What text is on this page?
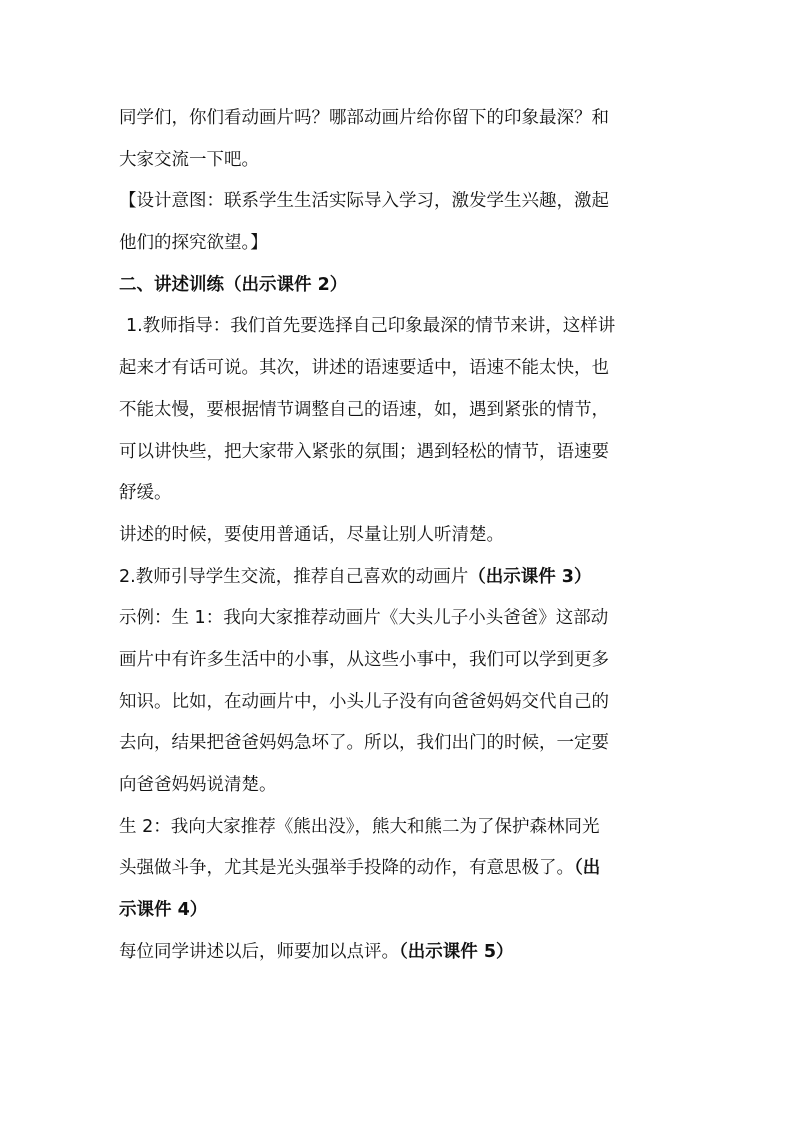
同学们，你们看动画片吗？哪部动画片给你留下的印象最深？和
大家交流一下吧。
【设计意图：联系学生生活实际导入学习，激发学生兴趣，激起
他们的探究欲望。】
二、讲述训练（出示课件 2）
1.教师指导：我们首先要选择自己印象最深的情节来讲，这样讲
起来才有话可说。其次，讲述的语速要适中，语速不能太快，也
不能太慢，要根据情节调整自己的语速，如，遇到紧张的情节，
可以讲快些，把大家带入紧张的氛围；遇到轻松的情节，语速要
舒缓。
讲述的时候，要使用普通话，尽量让别人听清楚。
2.教师引导学生交流，推荐自己喜欢的动画片（出示课件 3）
示例：生 1：我向大家推荐动画片《大头儿子小头爸爸》这部动
画片中有许多生活中的小事，从这些小事中，我们可以学到更多
知识。比如，在动画片中，小头儿子没有向爸爸妈妈交代自己的
去向，结果把爸爸妈妈急坏了。所以，我们出门的时候，一定要
向爸爸妈妈说清楚。
生 2：我向大家推荐《熊出没》，熊大和熊二为了保护森林同光
头强做斗争，尤其是光头强举手投降的动作，有意思极了。（出
示课件 4）
每位同学讲述以后，师要加以点评。（出示课件 5）
